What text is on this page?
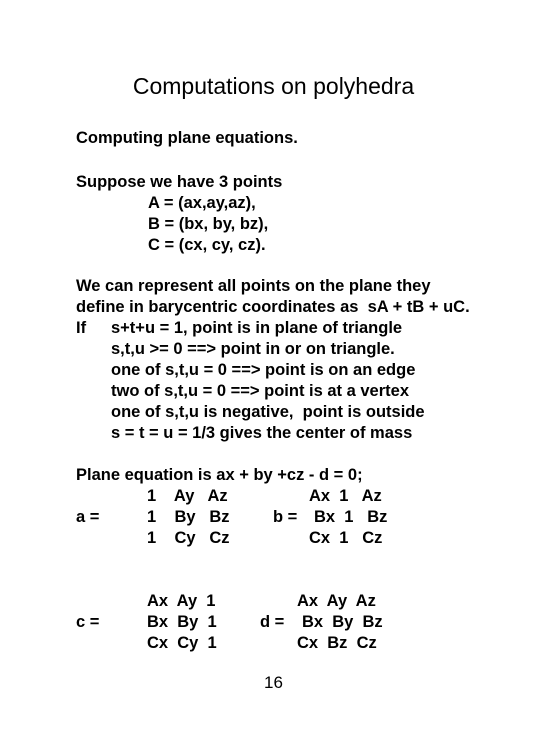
Computations on polyhedra
Computing plane equations.
Suppose we have 3 points
A = (ax,ay,az),
B = (bx, by, bz),
C = (cx, cy, cz).
We can represent all points on the plane they
define in barycentric coordinates as  sA + tB + uC.
If s+t+u = 1, point is in plane of triangle
s,t,u >= 0 ==> point in or on triangle.
one of s,t,u = 0 ==> point is on an edge
two of s,t,u = 0 ==> point is at a vertex
one of s,t,u is negative,  point is outside
s = t = u = 1/3 gives the center of mass
Plane equation is ax + by +cz - d = 0;
a =
1    Ay   Az
1    By   Bz
1    Cy   Cz
b =
Ax  1   Az
Bx  1   Bz
Cx  1   Cz
c =
Ax  Ay  1
Bx  By  1
Cx  Cy  1
d =
Ax  Ay  Az
Bx  By  Bz
Cx  Bz  Cz
16
